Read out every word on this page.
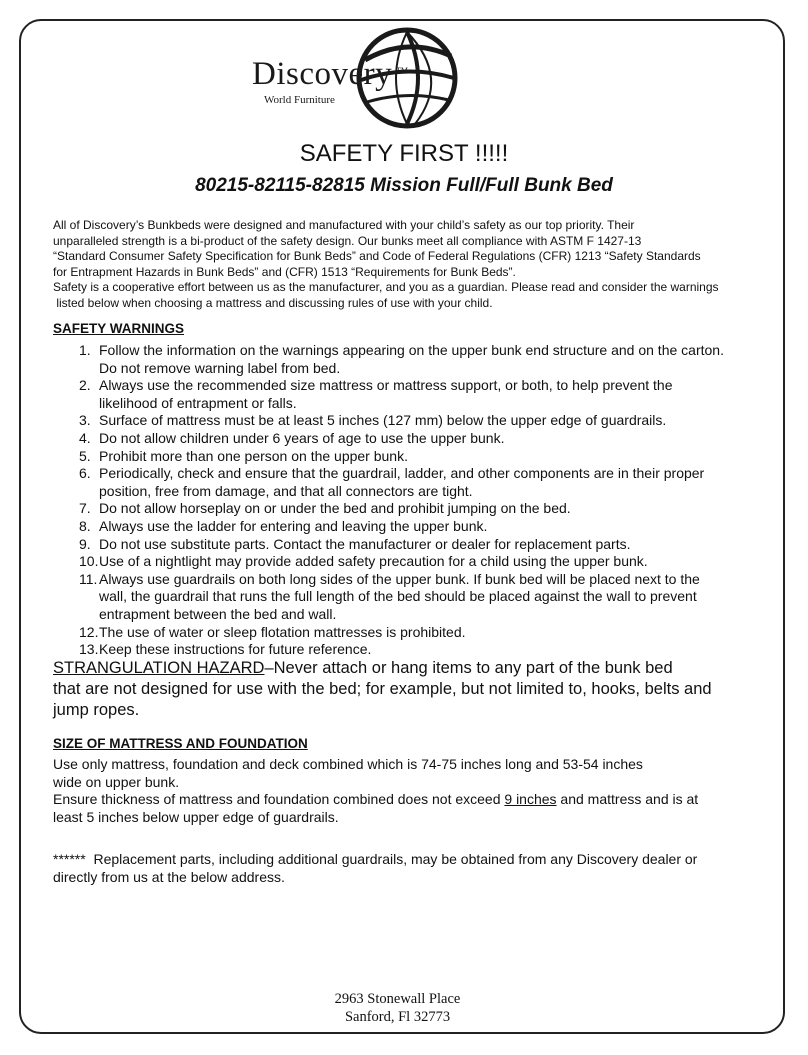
Discovery TM
World Furniture
SAFETY FIRST !!!!!
80215-82115-82815 Mission Full/Full Bunk Bed
All of Discovery’s Bunkbeds were designed and manufactured with your child’s safety as our top priority. Their
unparalleled strength is a bi-product of the safety design. Our bunks meet all compliance with ASTM F 1427-13
“Standard Consumer Safety Specification for Bunk Beds” and Code of Federal Regulations (CFR) 1213 “Safety Standards
for Entrapment Hazards in Bunk Beds” and (CFR) 1513 “Requirements for Bunk Beds”.
Safety is a cooperative effort between us as the manufacturer, and you as a guardian. Please read and consider the warnings
listed below when choosing a mattress and discussing rules of use with your child.
SAFETY WARNINGS
1. Follow the information on the warnings appearing on the upper bunk end structure and on the carton.
Do not remove warning label from bed.
2. Always use the recommended size mattress or mattress support, or both, to help prevent the
likelihood of entrapment or falls.
3. Surface of mattress must be at least 5 inches (127 mm) below the upper edge of guardrails.
4. Do not allow children under 6 years of age to use the upper bunk.
5. Prohibit more than one person on the upper bunk.
6. Periodically, check and ensure that the guardrail, ladder, and other components are in their proper
position, free from damage, and that all connectors are tight.
7. Do not allow horseplay on or under the bed and prohibit jumping on the bed.
8. Always use the ladder for entering and leaving the upper bunk.
9. Do not use substitute parts. Contact the manufacturer or dealer for replacement parts.
10. Use of a nightlight may provide added safety precaution for a child using the upper bunk.
11. Always use guardrails on both long sides of the upper bunk. If bunk bed will be placed next to the
wall, the guardrail that runs the full length of the bed should be placed against the wall to prevent
entrapment between the bed and wall.
12. The use of water or sleep flotation mattresses is prohibited.
13. Keep these instructions for future reference.
STRANGULATION HAZARD–Never attach or hang items to any part of the bunk bed
that are not designed for use with the bed; for example, but not limited to, hooks, belts and
jump ropes.
SIZE OF MATTRESS AND FOUNDATION
Use only mattress, foundation and deck combined which is 74-75 inches long and 53-54 inches
wide on upper bunk.
Ensure thickness of mattress and foundation combined does not exceed 9 inches and mattress and is at
least 5 inches below upper edge of guardrails.
******  Replacement parts, including additional guardrails, may be obtained from any Discovery dealer or
directly from us at the below address.
2963 Stonewall Place
Sanford, Fl 32773
